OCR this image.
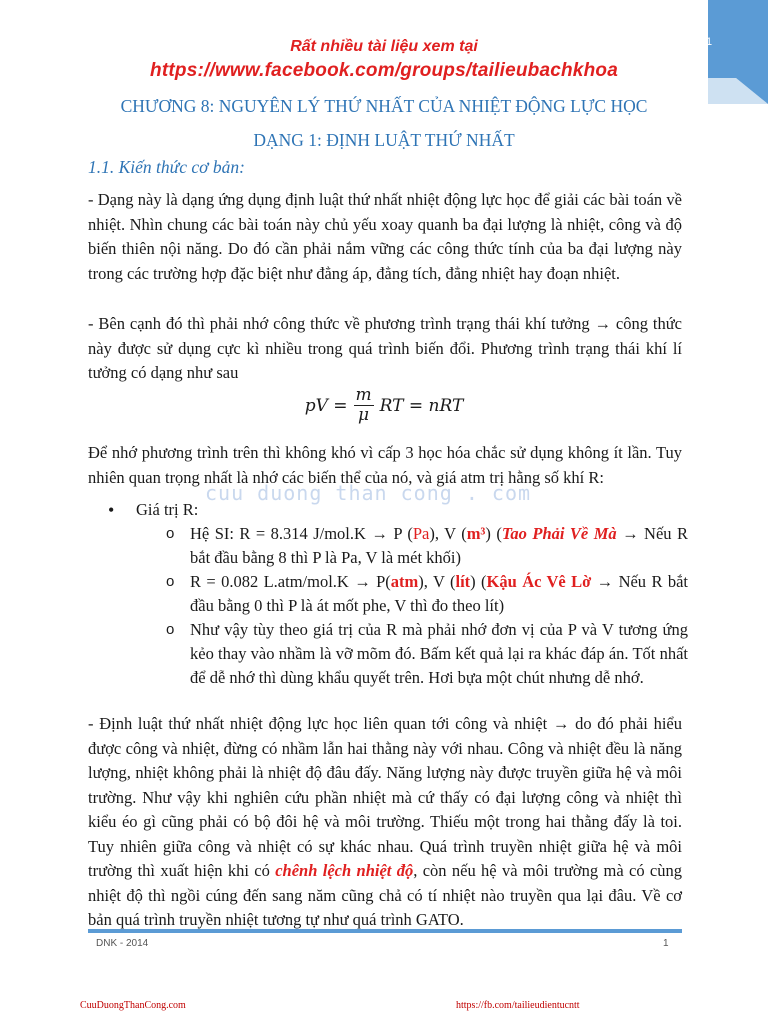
1
Rất nhiều tài liệu xem tại
https://www.facebook.com/groups/tailieubachkhoa
CHƯƠNG 8: NGUYÊN LÝ THỨ NHẤT CỦA NHIỆT ĐỘNG LỰC HỌC
DẠNG 1: ĐỊNH LUẬT THỨ NHẤT
1.1. Kiến thức cơ bản:
- Dạng này là dạng ứng dụng định luật thứ nhất nhiệt động lực học để giải các bài toán về nhiệt. Nhìn chung các bài toán này chủ yếu xoay quanh ba đại lượng là nhiệt, công và độ biến thiên nội năng. Do đó cần phải nắm vững các công thức tính của ba đại lượng này trong các trường hợp đặc biệt như đẳng áp, đẳng tích, đẳng nhiệt hay đoạn nhiệt.
- Bên cạnh đó thì phải nhớ công thức về phương trình trạng thái khí tưởng → công thức này được sử dụng cực kì nhiều trong quá trình biến đổi. Phương trình trạng thái khí lí tưởng có dạng như sau
pV = $\frac{m}{\mu}$ RT = nRT
Để nhớ phương trình trên thì không khó vì cấp 3 học hóa chắc sử dụng không ít lần. Tuy nhiên quan trọng nhất là nhớ các biến thể của nó, và giá atm trị hằng số khí R:
cuu duong than cong . com
• Giá trị R:
o Hệ SI: R = 8.314 J/mol.K → P (Pa), V (m³) (Tao Phải Về Mà → Nếu R bắt đầu bằng 8 thì P là Pa, V là mét khối)
o R = 0.082 L.atm/mol.K → P(atm), V (lít) (Kậu Ác Vê Lờ → Nếu R bắt đầu bằng 0 thì P là át mốt phe, V thì đo theo lít)
o Như vậy tùy theo giá trị của R mà phải nhớ đơn vị của P và V tương ứng kẻo thay vào nhầm là vỡ mõm đó. Bấm kết quả lại ra khác đáp án. Tốt nhất để dễ nhớ thì dùng khẩu quyết trên. Hơi bựa một chút nhưng dễ nhớ.
- Định luật thứ nhất nhiệt động lực học liên quan tới công và nhiệt → do đó phải hiểu được công và nhiệt, đừng có nhầm lẫn hai thằng này với nhau. Công và nhiệt đều là năng lượng, nhiệt không phải là nhiệt độ đâu đấy. Năng lượng này được truyền giữa hệ và môi trường. Như vậy khi nghiên cứu phần nhiệt mà cứ thấy có đại lượng công và nhiệt thì kiểu éo gì cũng phải có bộ đôi hệ và môi trường. Thiếu một trong hai thằng đấy là toi. Tuy nhiên giữa công và nhiệt có sự khác nhau. Quá trình truyền nhiệt giữa hệ và môi trường thì xuất hiện khi có chênh lệch nhiệt độ, còn nếu hệ và môi trường mà có cùng nhiệt độ thì ngồi cúng đến sang năm cũng chả có tí nhiệt nào truyền qua lại đâu. Về cơ bản quá trình truyền nhiệt tương tự như quá trình GATO.
DNK - 2014	1
CuuDuongThanCong.com	https://fb.com/tailieudientucntt
